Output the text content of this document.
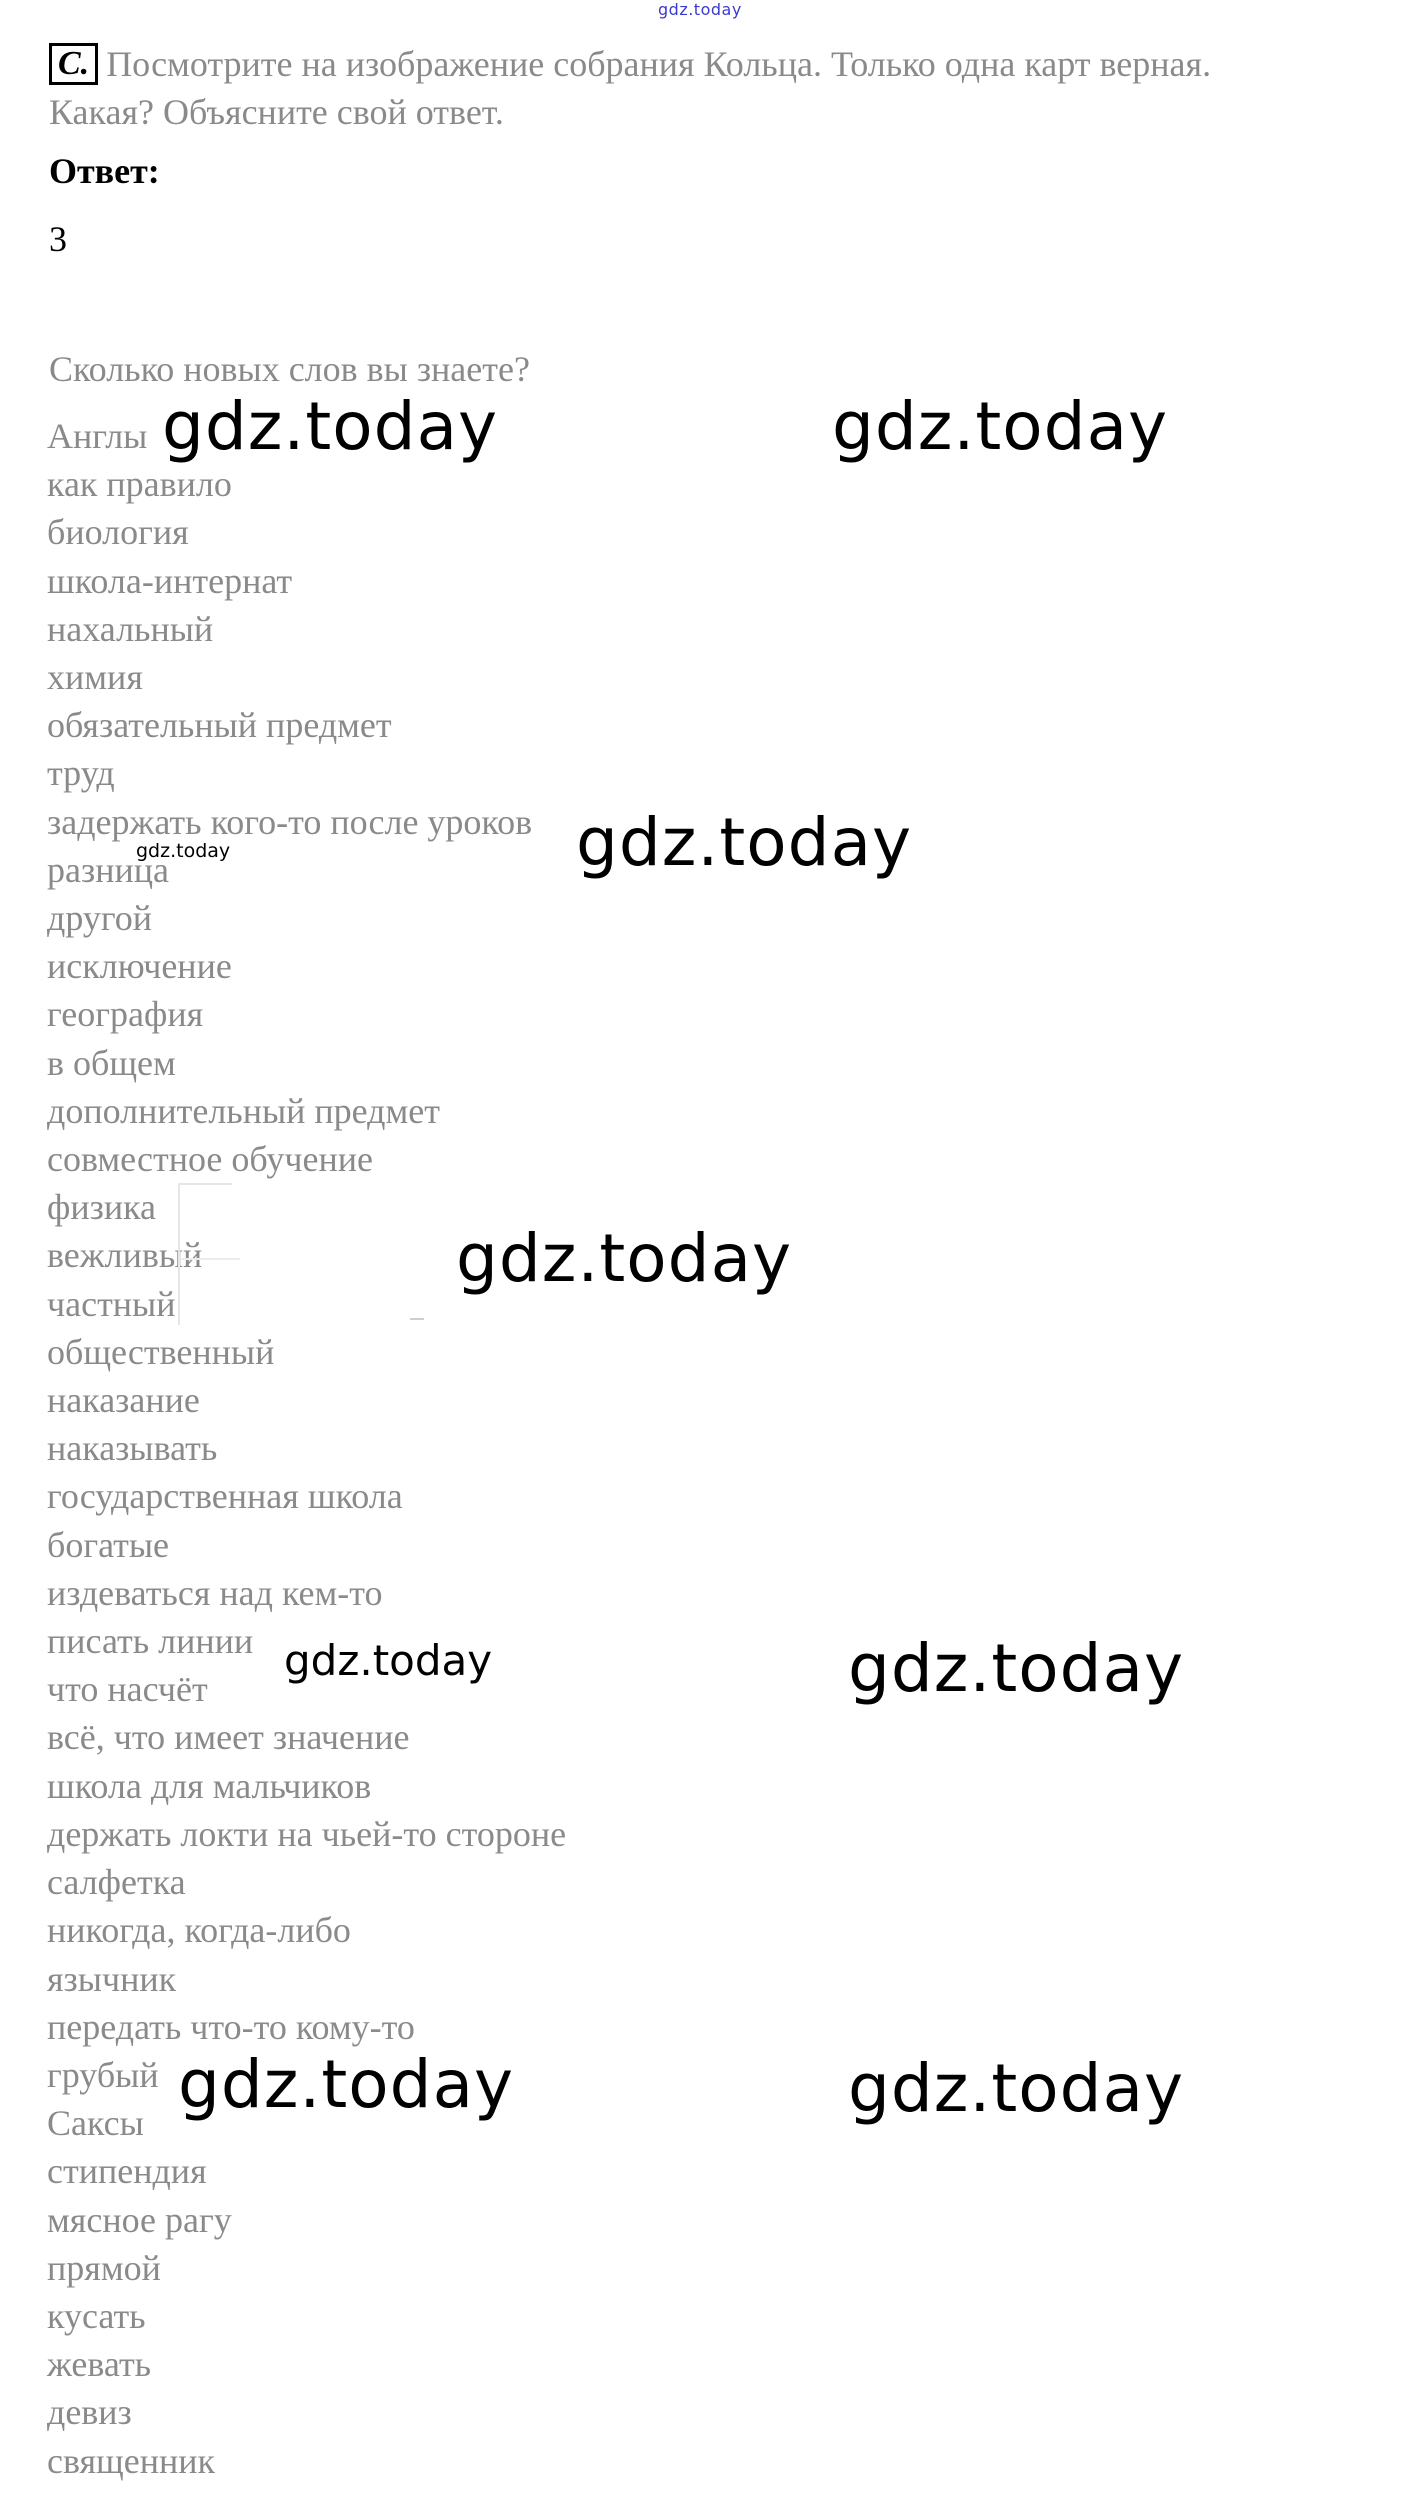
gdz.today
C. Посмотрите на изображение собрания Кольца. Только одна карт верная. Какая? Объясните свой ответ.
Ответ:
3
Сколько новых слов вы знаете?
Англы
как правило
биология
школа-интернат
нахальный
химия
обязательный предмет
труд
задержать кого-то после уроков
разница
другой
исключение
география
в общем
дополнительный предмет
совместное обучение
физика
вежливый
частный
общественный
наказание
наказывать
государственная школа
богатые
издеваться над кем-то
писать линии
что насчёт
всё, что имеет значение
школа для мальчиков
держать локти на чьей-то стороне
салфетка
никогда, когда-либо
язычник
передать что-то кому-то
грубый
Саксы
стипендия
мясное рагу
прямой
кусать
жевать
девиз
священник
gdz.today	gdz.today
gdz.today	gdz.today
gdz.today
gdz.today	gdz.today
gdz.today	gdz.today
